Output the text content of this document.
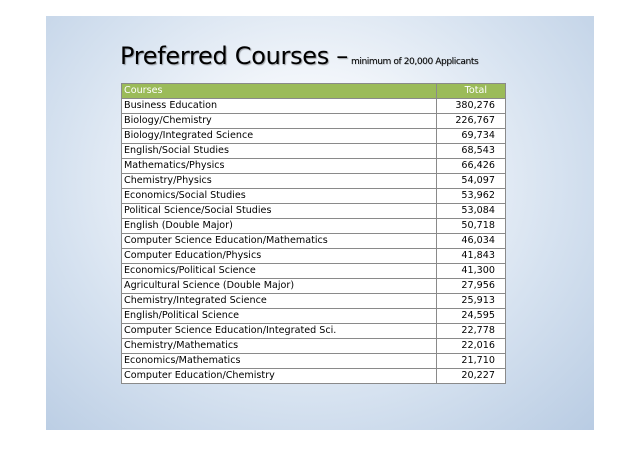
Preferred Courses – minimum of 20,000 Applicants
Courses	Total
Business Education	380,276
Biology/Chemistry	226,767
Biology/Integrated Science	69,734
English/Social Studies	68,543
Mathematics/Physics	66,426
Chemistry/Physics	54,097
Economics/Social Studies	53,962
Political Science/Social Studies	53,084
English (Double Major)	50,718
Computer Science Education/Mathematics	46,034
Computer Education/Physics	41,843
Economics/Political Science	41,300
Agricultural Science (Double Major)	27,956
Chemistry/Integrated Science	25,913
English/Political Science	24,595
Computer Science Education/Integrated Sci.	22,778
Chemistry/Mathematics	22,016
Economics/Mathematics	21,710
Computer Education/Chemistry	20,227
